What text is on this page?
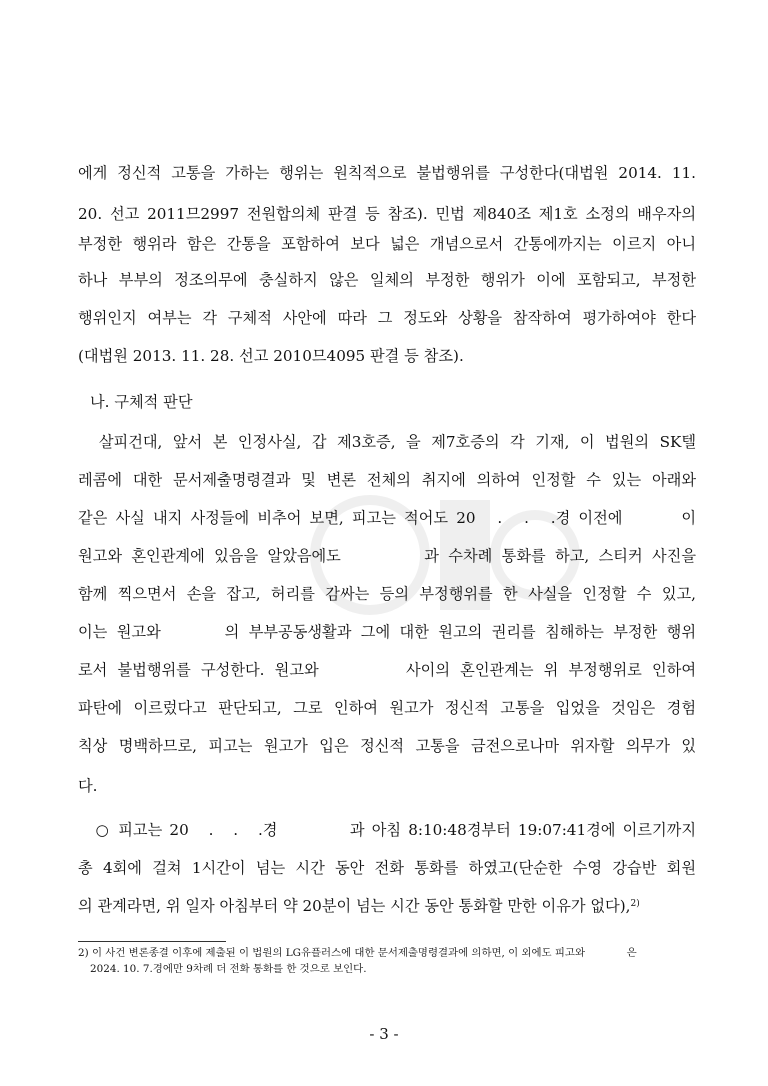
에게 정신적 고통을 가하는 행위는 원칙적으로 불법행위를 구성한다(대법원 2014. 11.
20. 선고 2011므2997 전원합의체 판결 등 참조). 민법 제840조 제1호 소정의 배우자의
부정한 행위라 함은 간통을 포함하여 보다 넓은 개념으로서 간통에까지는 이르지 아니
하나 부부의 정조의무에 충실하지 않은 일체의 부정한 행위가 이에 포함되고, 부정한
행위인지 여부는 각 구체적 사안에 따라 그 정도와 상황을 참작하여 평가하여야 한다
(대법원 2013. 11. 28. 선고 2010므4095 판결 등 참조).
나. 구체적 판단
　살피건대, 앞서 본 인정사실, 갑 제3호증, 을 제7호증의 각 기재, 이 법원의 SK텔
레콤에 대한 문서제출명령결과 및 변론 전체의 취지에 의하여 인정할 수 있는 아래와
같은 사실 내지 사정들에 비추어 보면, 피고는 적어도 20　.　.　.경 이전에　　　이
원고와 혼인관계에 있음을 알았음에도　　　　과 수차례 통화를 하고, 스티커 사진을
함께 찍으면서 손을 잡고, 허리를 감싸는 등의 부정행위를 한 사실을 인정할 수 있고,
이는 원고와　　　의 부부공동생활과 그에 대한 원고의 권리를 침해하는 부정한 행위
로서 불법행위를 구성한다. 원고와　　　　사이의 혼인관계는 위 부정행위로 인하여
파탄에 이르렀다고 판단되고, 그로 인하여 원고가 정신적 고통을 입었을 것임은 경험
칙상 명백하므로, 피고는 원고가 입은 정신적 고통을 금전으로나마 위자할 의무가 있
다.
　○ 피고는 20　.　.　.경　　　　과 아침 8:10:48경부터 19:07:41경에 이르기까지
총 4회에 걸쳐 1시간이 넘는 시간 동안 전화 통화를 하였고(단순한 수영 강습반 회원
의 관계라면, 위 일자 아침부터 약 20분이 넘는 시간 동안 통화할 만한 이유가 없다),$^{2)}$
2) 이 사건 변론종결 이후에 제출된 이 법원의 LG유플러스에 대한 문서제출명령결과에 의하면, 이 외에도 피고와　　　　은
2024. 10. 7.경에만 9차례 더 전화 통화를 한 것으로 보인다.
- 3 -
